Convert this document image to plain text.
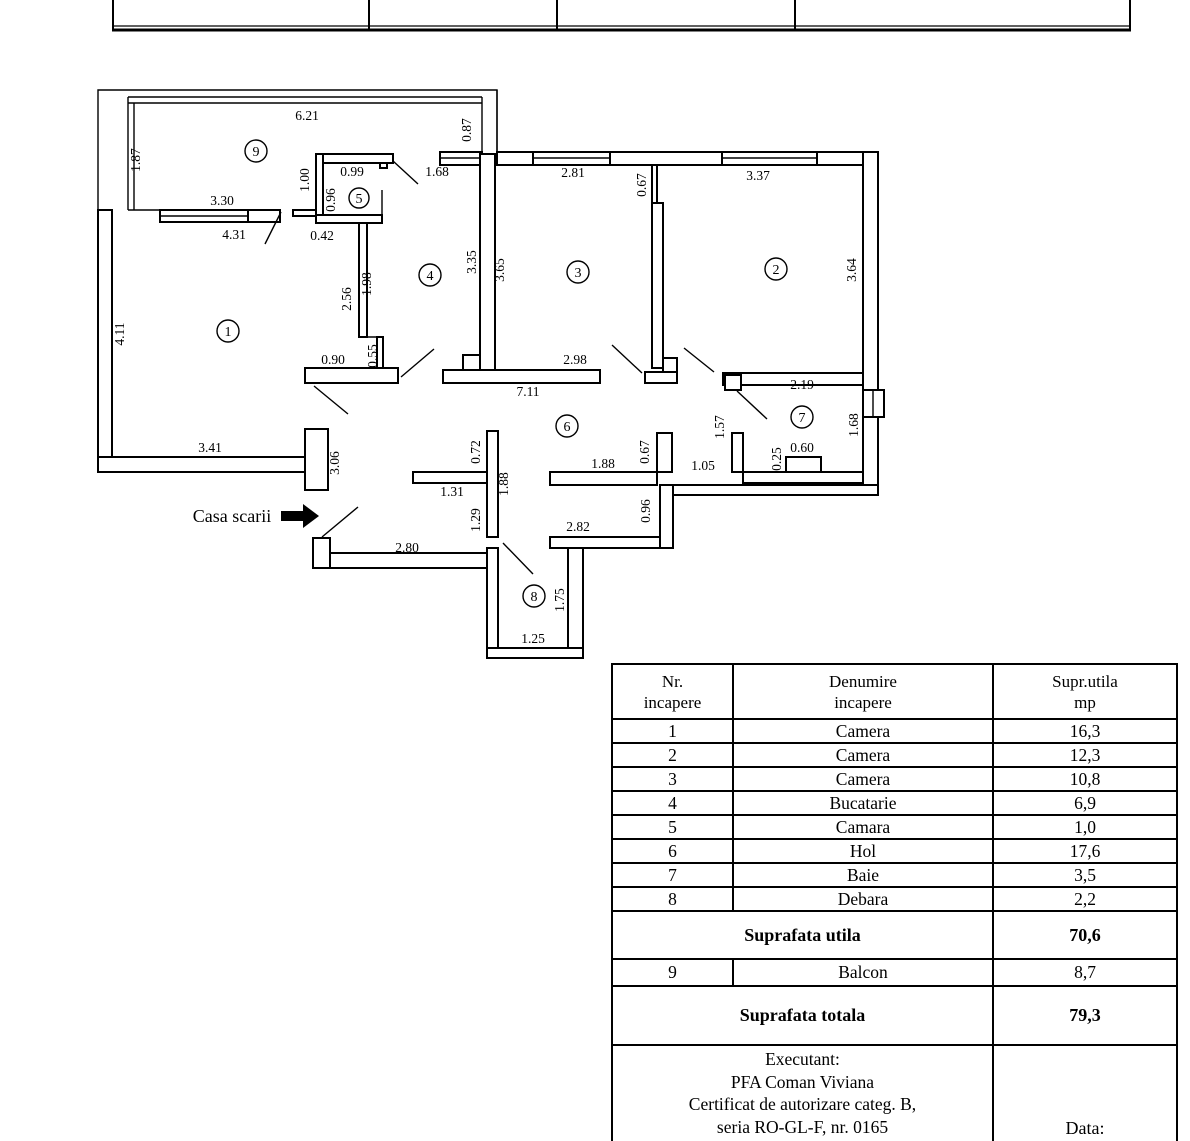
6.21
1.87
3.30
4.31
1.00 0.99
0.96
0.42
1.68
0.87
2.81
0.67	3.37
3.35 3.65	3.64
2.56
1.98
4.11
0.55
0.90	2.98
7.11	2.19
1.68
1.57
0.25 0.60
1.05
0.67
0.96
1.88
3.41
3.06	0.72	1.88
1.31
1.29	2.82
2.80
1.75
1.25
1
2
3
4
5
6
7
8
9
Casa scarii
Nr.
incapere

Denumire
incapere

Supr.utila
mp

1	Camera	16,3
2	Camera	12,3
3	Camera	10,8
4	Bucatarie	6,9
5	Camara	1,0
6	Hol	17,6
7	Baie	3,5
8	Debara	2,2
Suprafata utila		70,6
9	Balcon	8,7
Suprafata totala		79,3

Executant:
PFA Coman Viviana
Certificat de autorizare categ. B,
seria RO-GL-F, nr. 0165		Data:
